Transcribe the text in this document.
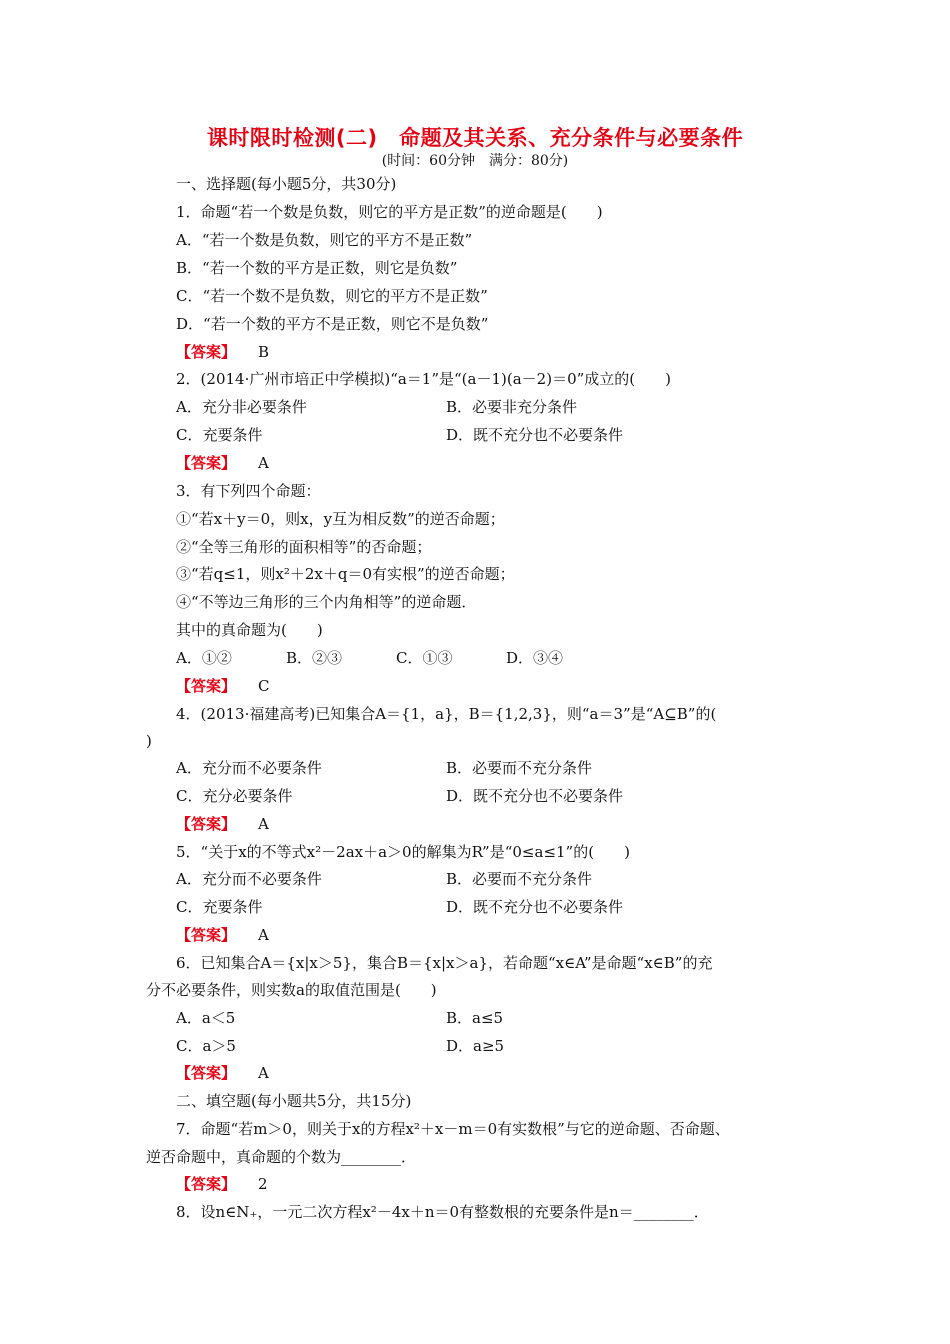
课时限时检测(二)　命题及其关系、充分条件与必要条件
(时间：60分钟　满分：80分)
一、选择题(每小题5分，共30分)
1．命题“若一个数是负数，则它的平方是正数”的逆命题是(　　)
A．“若一个数是负数，则它的平方不是正数”
B．“若一个数的平方是正数，则它是负数”
C．“若一个数不是负数，则它的平方不是正数”
D．“若一个数的平方不是正数，则它不是负数”
【答案】 B
2．(2014·广州市培正中学模拟)“a＝1”是“(a－1)(a－2)＝0”成立的(　　)
A．充分非必要条件	B．必要非充分条件
C．充要条件	D．既不充分也不必要条件
【答案】 A
3．有下列四个命题：
①“若x＋y＝0，则x，y互为相反数”的逆否命题；
②“全等三角形的面积相等”的否命题；
③“若q≤1，则x²＋2x＋q＝0有实根”的逆否命题；
④“不等边三角形的三个内角相等”的逆命题．
其中的真命题为(　　)
A．①②	B．②③	C．①③	D．③④
【答案】 C
4．(2013·福建高考)已知集合A＝{1，a}，B＝{1,2,3}，则“a＝3”是“A⊆B”的(
)
A．充分而不必要条件	B．必要而不充分条件
C．充分必要条件	D．既不充分也不必要条件
【答案】 A
5．“关于x的不等式x²－2ax＋a＞0的解集为R”是“0≤a≤1”的(　　)
A．充分而不必要条件	B．必要而不充分条件
C．充要条件	D．既不充分也不必要条件
【答案】 A
6．已知集合A＝{x|x＞5}，集合B＝{x|x＞a}，若命题“x∈A”是命题“x∈B”的充
分不必要条件，则实数a的取值范围是(　　)
A．a＜5	B．a≤5
C．a＞5	D．a≥5
【答案】 A
二、填空题(每小题共5分，共15分)
7．命题“若m＞0，则关于x的方程x²＋x－m＝0有实数根”与它的逆命题、否命题、
逆否命题中，真命题的个数为________．
【答案】 2
8．设n∈N₊，一元二次方程x²－4x＋n＝0有整数根的充要条件是n＝________．
